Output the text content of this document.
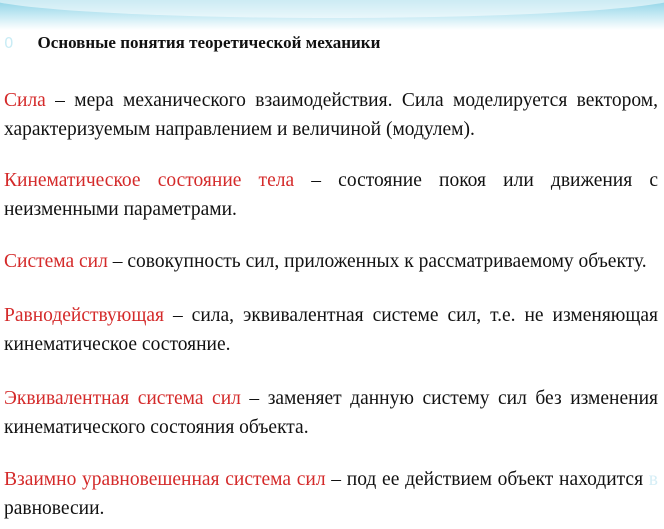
0 Основные понятия теоретической механики
Сила – мера механического взаимодействия. Сила моделируется вектором, характеризуемым направлением и величиной (модулем).
Кинематическое состояние тела – состояние покоя или движения с неизменными параметрами.
Система сил – совокупность сил, приложенных к рассматриваемому объекту.
Равнодействующая – сила, эквивалентная системе сил, т.е. не изменяющая кинематическое состояние.
Эквивалентная система сил – заменяет данную систему сил без изменения кинематического состояния объекта.
Взаимно уравновешенная система сил – под ее действием объект находится в равновесии.
